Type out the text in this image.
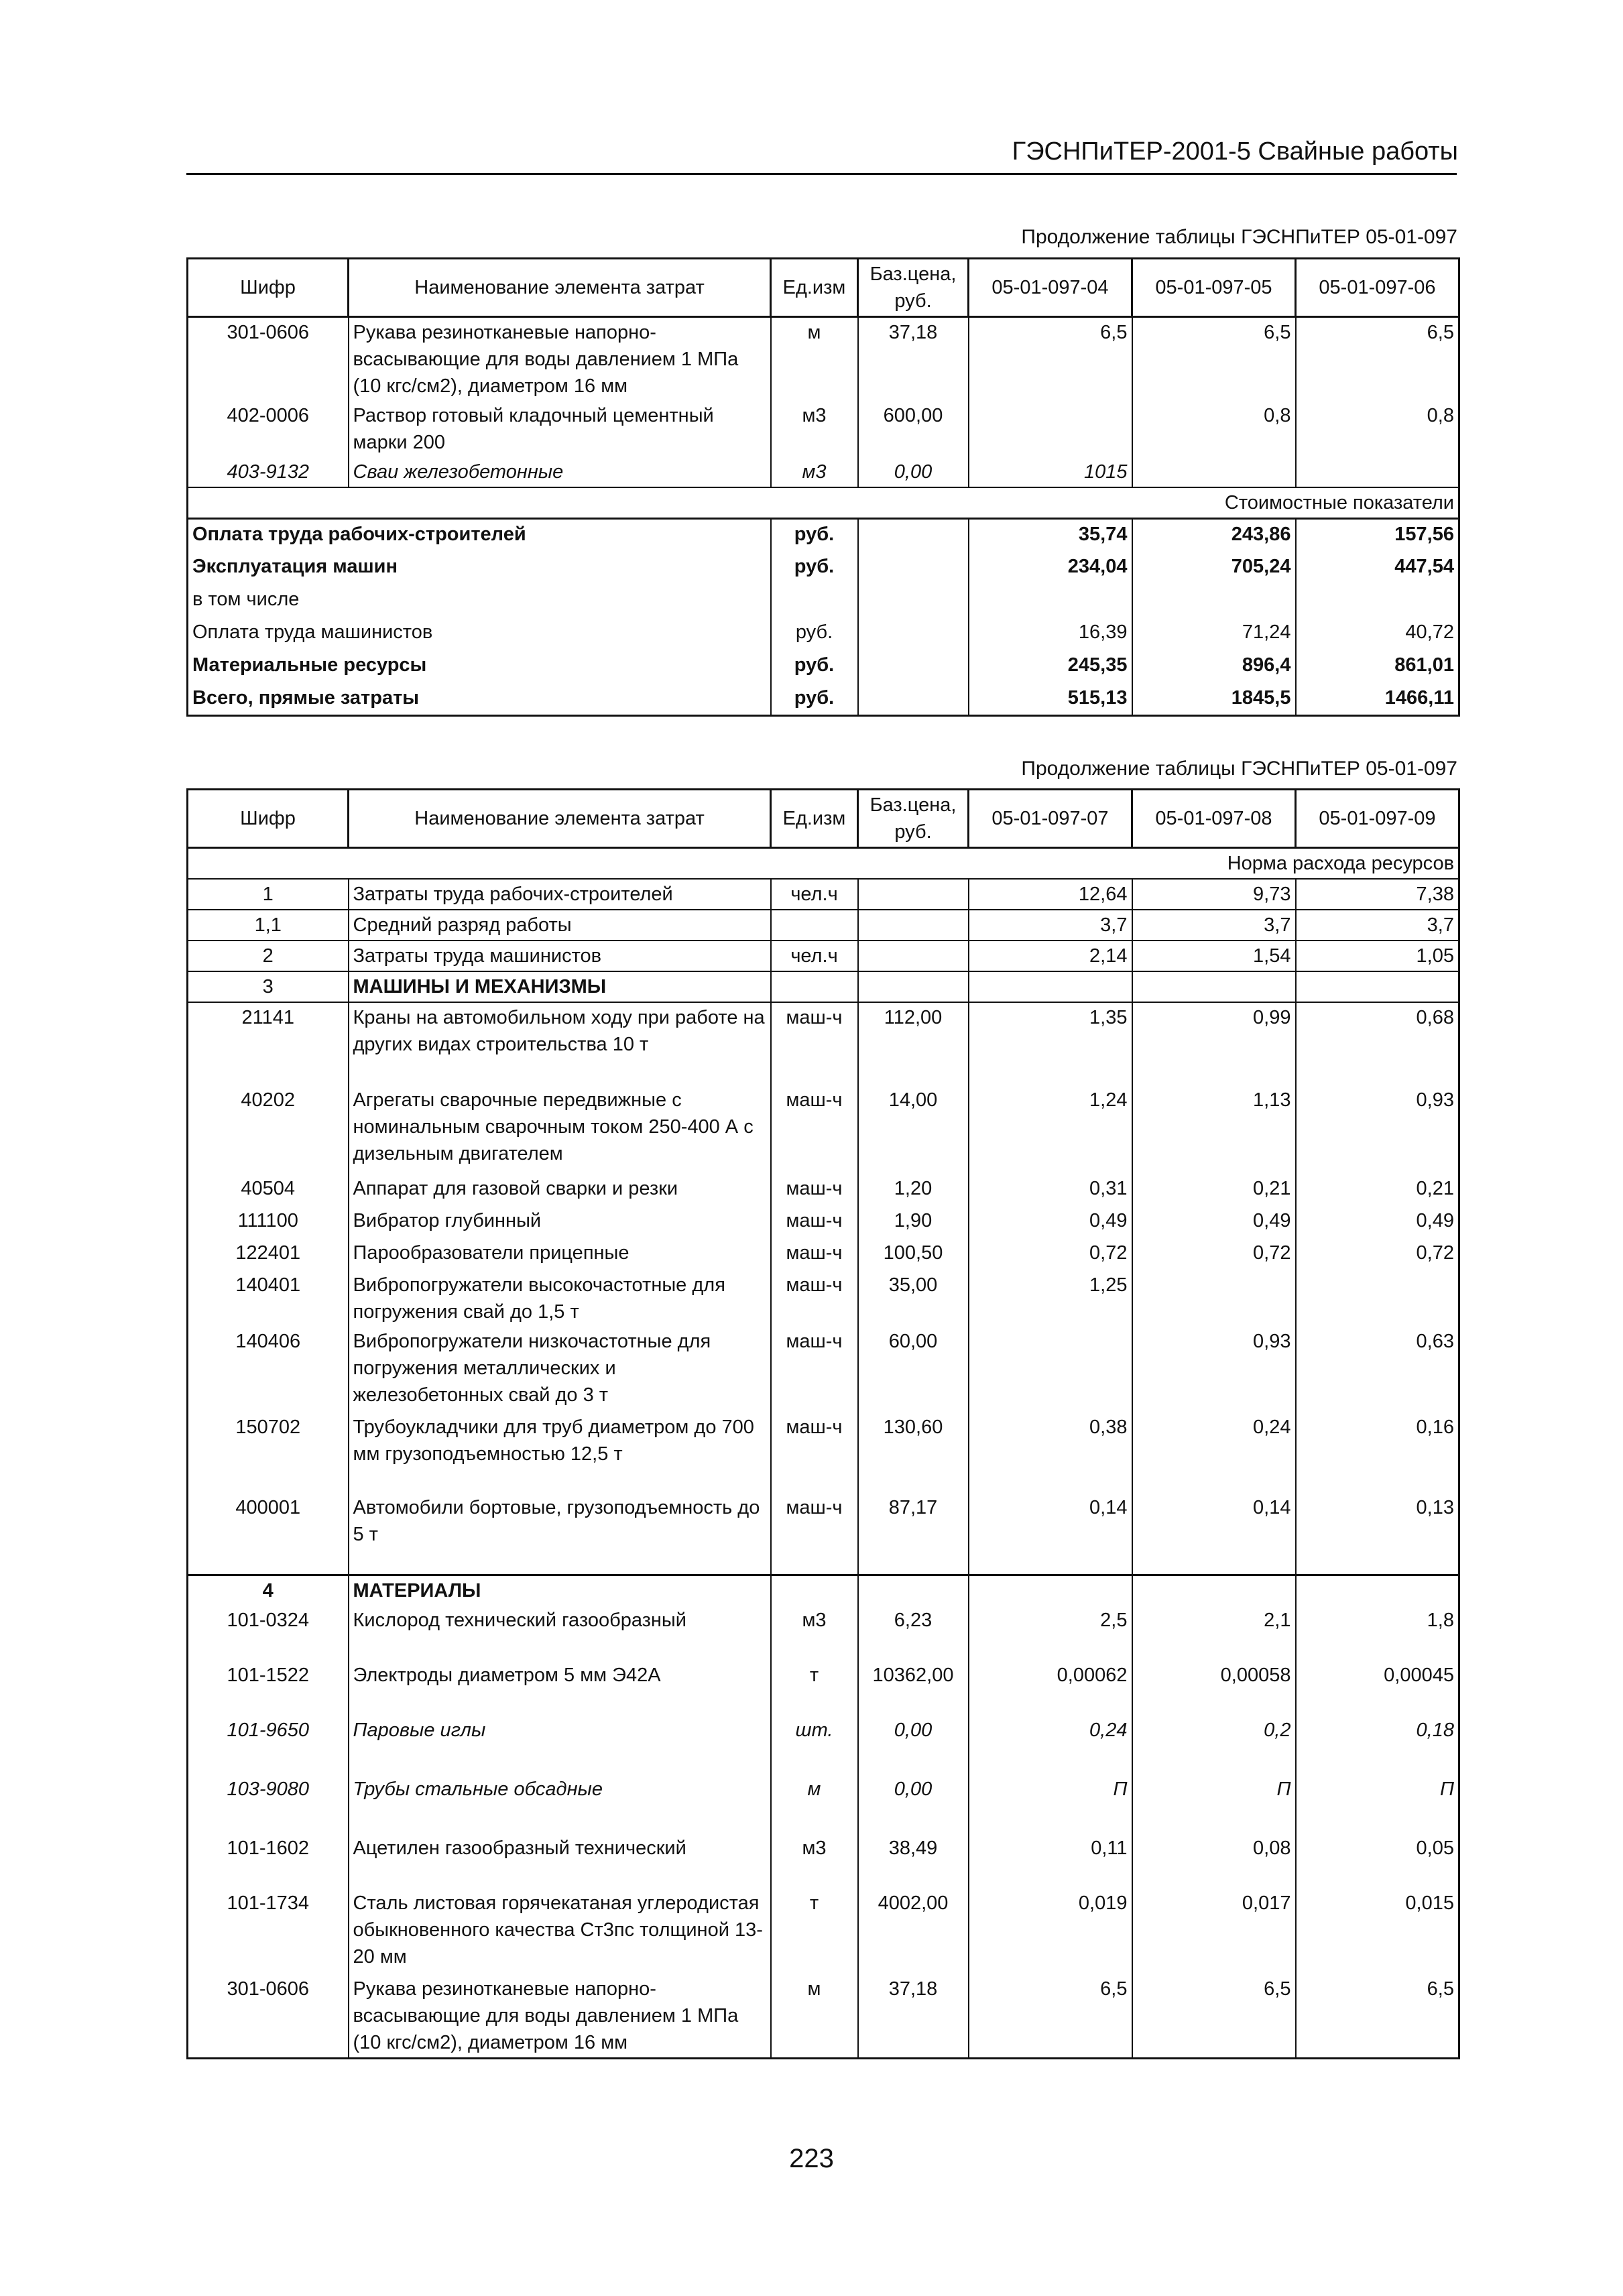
ГЭСНПиТЕР-2001-5 Свайные работы
Продолжение таблицы ГЭСНПиТЕР 05-01-097
Шифр	Наименование элемента затрат	Ед.изм	Баз.цена, руб.	05-01-097-04	05-01-097-05	05-01-097-06
301-0606	Рукава резинотканевые напорно-всасывающие для воды давлением 1 МПа (10 кгс/см2), диаметром 16 мм	м	37,18	6,5	6,5	6,5
402-0006	Раствор готовый кладочный цементный марки 200	м3	600,00		0,8	0,8
403-9132	Сваи железобетонные	м3	0,00	1015		
Стоимостные показатели						
Оплата труда рабочих-строителей		руб.		35,74	243,86	157,56
Эксплуатация машин		руб.		234,04	705,24	447,54
в том числе						
Оплата труда машинистов		руб.		16,39	71,24	40,72
Материальные ресурсы		руб.		245,35	896,4	861,01
Всего, прямые затраты		руб.		515,13	1845,5	1466,11
Продолжение таблицы ГЭСНПиТЕР 05-01-097
Шифр	Наименование элемента затрат	Ед.изм	Баз.цена, руб.	05-01-097-07	05-01-097-08	05-01-097-09
Норма расхода ресурсов						
1	Затраты труда рабочих-строителей	чел.ч		12,64	9,73	7,38
1,1	Средний разряд работы			3,7	3,7	3,7
2	Затраты труда машинистов	чел.ч		2,14	1,54	1,05
3	МАШИНЫ И МЕХАНИЗМЫ					
21141	Краны на автомобильном ходу при работе на других видах строительства 10 т	маш-ч	112,00	1,35	0,99	0,68
40202	Агрегаты сварочные передвижные с номинальным сварочным током 250-400 А с дизельным двигателем	маш-ч	14,00	1,24	1,13	0,93
40504	Аппарат для газовой сварки и резки	маш-ч	1,20	0,31	0,21	0,21
111100	Вибратор глубинный	маш-ч	1,90	0,49	0,49	0,49
122401	Парообразователи прицепные	маш-ч	100,50	0,72	0,72	0,72
140401	Вибропогружатели высокочастотные для погружения свай до 1,5 т	маш-ч	35,00	1,25		
140406	Вибропогружатели низкочастотные для погружения металлических и железобетонных свай до 3 т	маш-ч	60,00		0,93	0,63
150702	Трубоукладчики для труб диаметром до 700 мм грузоподъемностью 12,5 т	маш-ч	130,60	0,38	0,24	0,16
400001	Автомобили бортовые, грузоподъемность до 5 т	маш-ч	87,17	0,14	0,14	0,13
4	МАТЕРИАЛЫ					
101-0324	Кислород технический газообразный	м3	6,23	2,5	2,1	1,8
101-1522	Электроды диаметром 5 мм Э42А	т	10362,00	0,00062	0,00058	0,00045
101-9650	Паровые иглы	шт.	0,00	0,24	0,2	0,18
103-9080	Трубы стальные обсадные	м	0,00	П	П	П
101-1602	Ацетилен газообразный технический	м3	38,49	0,11	0,08	0,05
101-1734	Сталь листовая горячекатаная углеродистая обыкновенного качества Ст3пс толщиной 13-20 мм	т	4002,00	0,019	0,017	0,015
301-0606	Рукава резинотканевые напорно-всасывающие для воды давлением 1 МПа (10 кгс/см2), диаметром 16 мм	м	37,18	6,5	6,5	6,5
223
